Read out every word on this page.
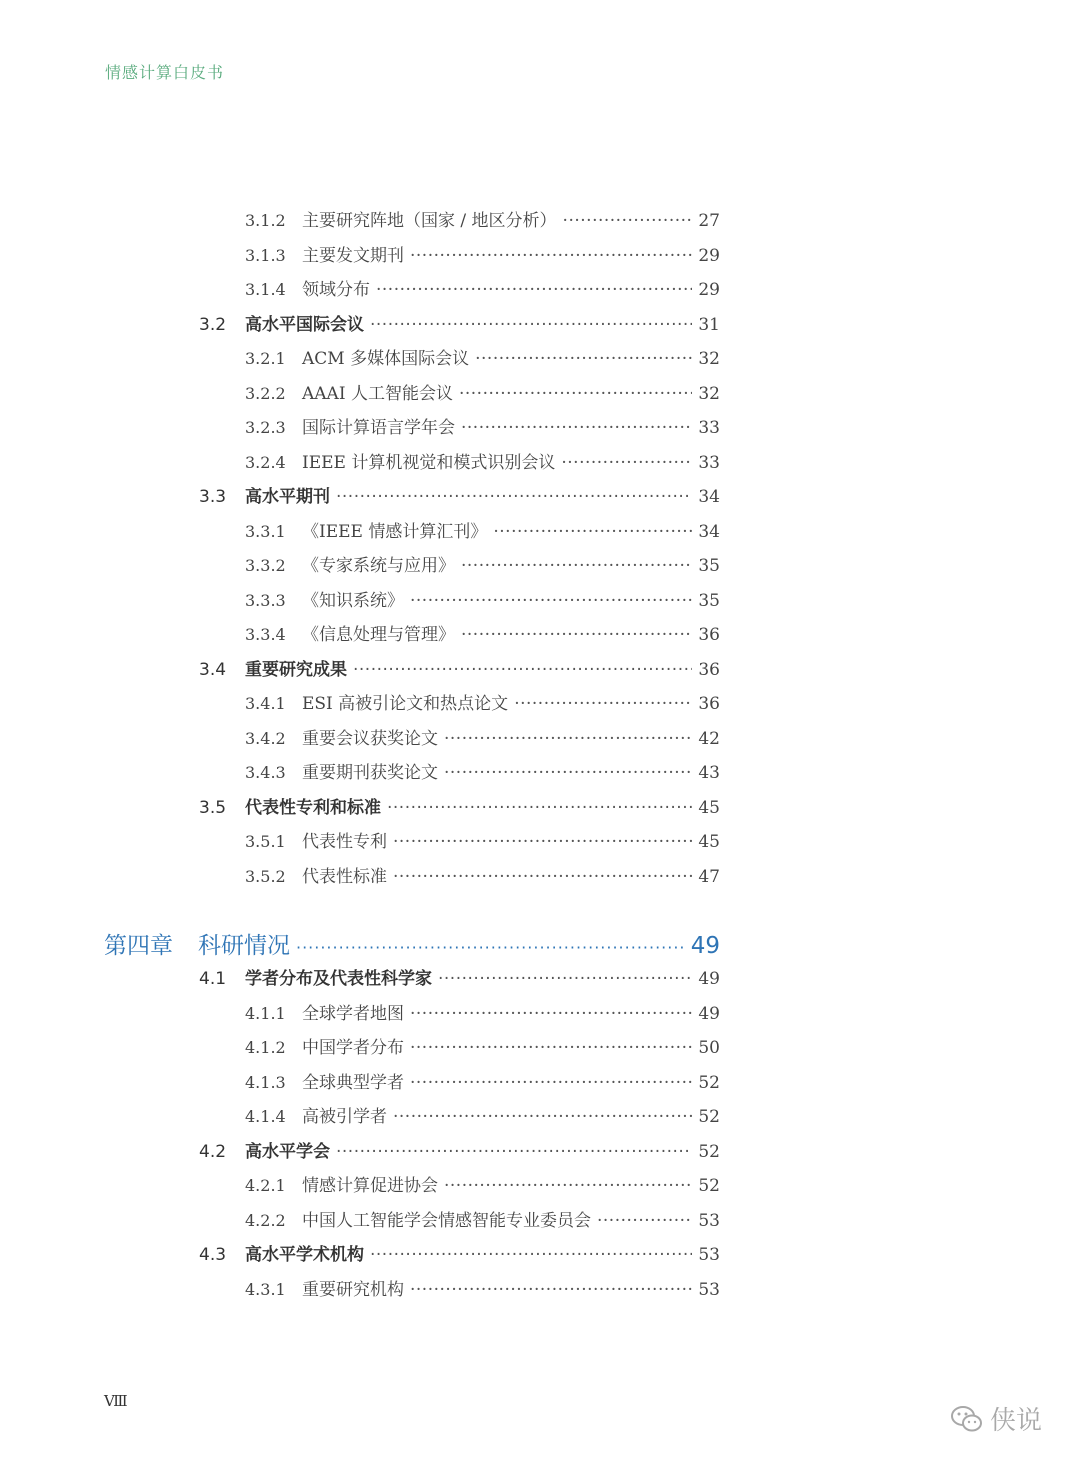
情感计算白皮书
3.1.2 主要研究阵地（国家 / 地区分析） ·····	27
3.1.3 主要发文期刊 ·····	29
3.1.4 领域分布 ·····	29
3.2	高水平国际会议 ·····	31
3.2.1 ACM 多媒体国际会议 ·····	32
3.2.2 AAAI 人工智能会议 ·····	32
3.2.3 国际计算语言学年会 ·····	33
3.2.4 IEEE 计算机视觉和模式识别会议 ·····	33
3.3	高水平期刊 ·····	34
3.3.1 《IEEE 情感计算汇刊》 ·····	34
3.3.2 《专家系统与应用》 ·····	35
3.3.3 《知识系统》 ·····	35
3.3.4 《信息处理与管理》 ·····	36
3.4	重要研究成果 ·····	36
3.4.1 ESI 高被引论文和热点论文 ·····	36
3.4.2 重要会议获奖论文 ·····	42
3.4.3 重要期刊获奖论文 ·····	43
3.5	代表性专利和标准 ·····	45
3.5.1 代表性专利 ·····	45
3.5.2 代表性标准 ·····	47
第四章	科研情况 ·····	49
4.1	学者分布及代表性科学家 ·····	49
4.1.1 全球学者地图 ·····	49
4.1.2 中国学者分布 ·····	50
4.1.3 全球典型学者 ·····	52
4.1.4 高被引学者 ·····	52
4.2	高水平学会 ·····	52
4.2.1 情感计算促进协会 ·····	52
4.2.2 中国人工智能学会情感智能专业委员会 ·····	53
4.3	高水平学术机构 ·····	53
4.3.1 重要研究机构 ·····	53
Ⅷ
侠说
